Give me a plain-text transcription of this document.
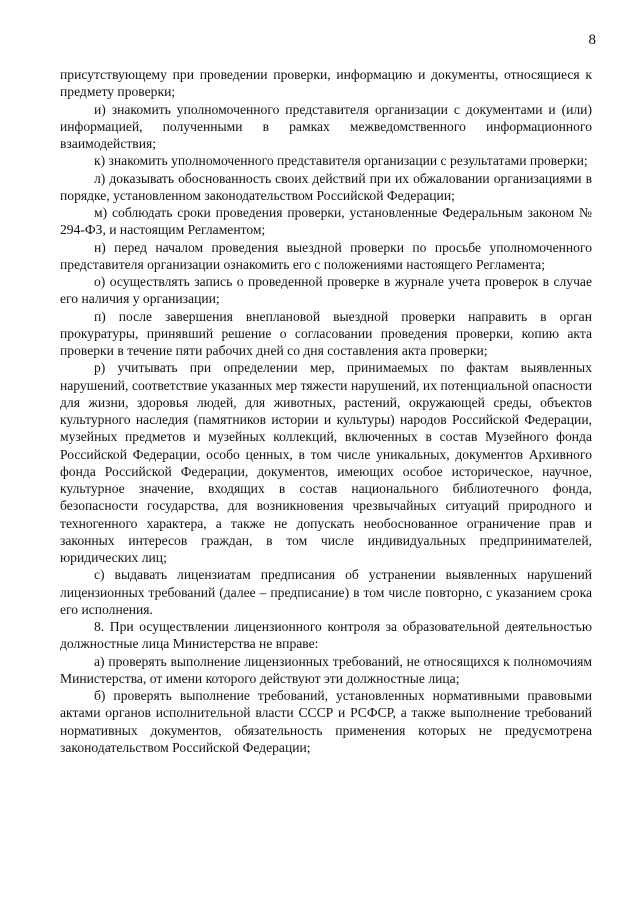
8

присутствующему при проведении проверки, информацию и документы, относящиеся к предмету проверки;

и) знакомить уполномоченного представителя организации с документами и (или) информацией, полученными в рамках межведомственного информационного взаимодействия;

к) знакомить уполномоченного представителя организации с результатами проверки;

л) доказывать обоснованность своих действий при их обжаловании организациями в порядке, установленном законодательством Российской Федерации;

м) соблюдать сроки проведения проверки, установленные Федеральным законом № 294-ФЗ, и настоящим Регламентом;

н) перед началом проведения выездной проверки по просьбе уполномоченного представителя организации ознакомить его с положениями настоящего Регламента;

о) осуществлять запись о проведенной проверке в журнале учета проверок в случае его наличия у организации;

п) после завершения внеплановой выездной проверки направить в орган прокуратуры, принявший решение о согласовании проведения проверки, копию акта проверки в течение пяти рабочих дней со дня составления акта проверки;

р) учитывать при определении мер, принимаемых по фактам выявленных нарушений, соответствие указанных мер тяжести нарушений, их потенциальной опасности для жизни, здоровья людей, для животных, растений, окружающей среды, объектов культурного наследия (памятников истории и культуры) народов Российской Федерации, музейных предметов и музейных коллекций, включенных в состав Музейного фонда Российской Федерации, особо ценных, в том числе уникальных, документов Архивного фонда Российской Федерации, документов, имеющих особое историческое, научное, культурное значение, входящих в состав национального библиотечного фонда, безопасности государства, для возникновения чрезвычайных ситуаций природного и техногенного характера, а также не допускать необоснованное ограничение прав и законных интересов граждан, в том числе индивидуальных предпринимателей, юридических лиц;

с) выдавать лицензиатам предписания об устранении выявленных нарушений лицензионных требований (далее – предписание) в том числе повторно, с указанием срока его исполнения.

8. При осуществлении лицензионного контроля за образовательной деятельностью должностные лица Министерства не вправе:

а) проверять выполнение лицензионных требований, не относящихся к полномочиям Министерства, от имени которого действуют эти должностные лица;

б) проверять выполнение требований, установленных нормативными правовыми актами органов исполнительной власти СССР и РСФСР, а также выполнение требований нормативных документов, обязательность применения которых не предусмотрена законодательством Российской Федерации;
